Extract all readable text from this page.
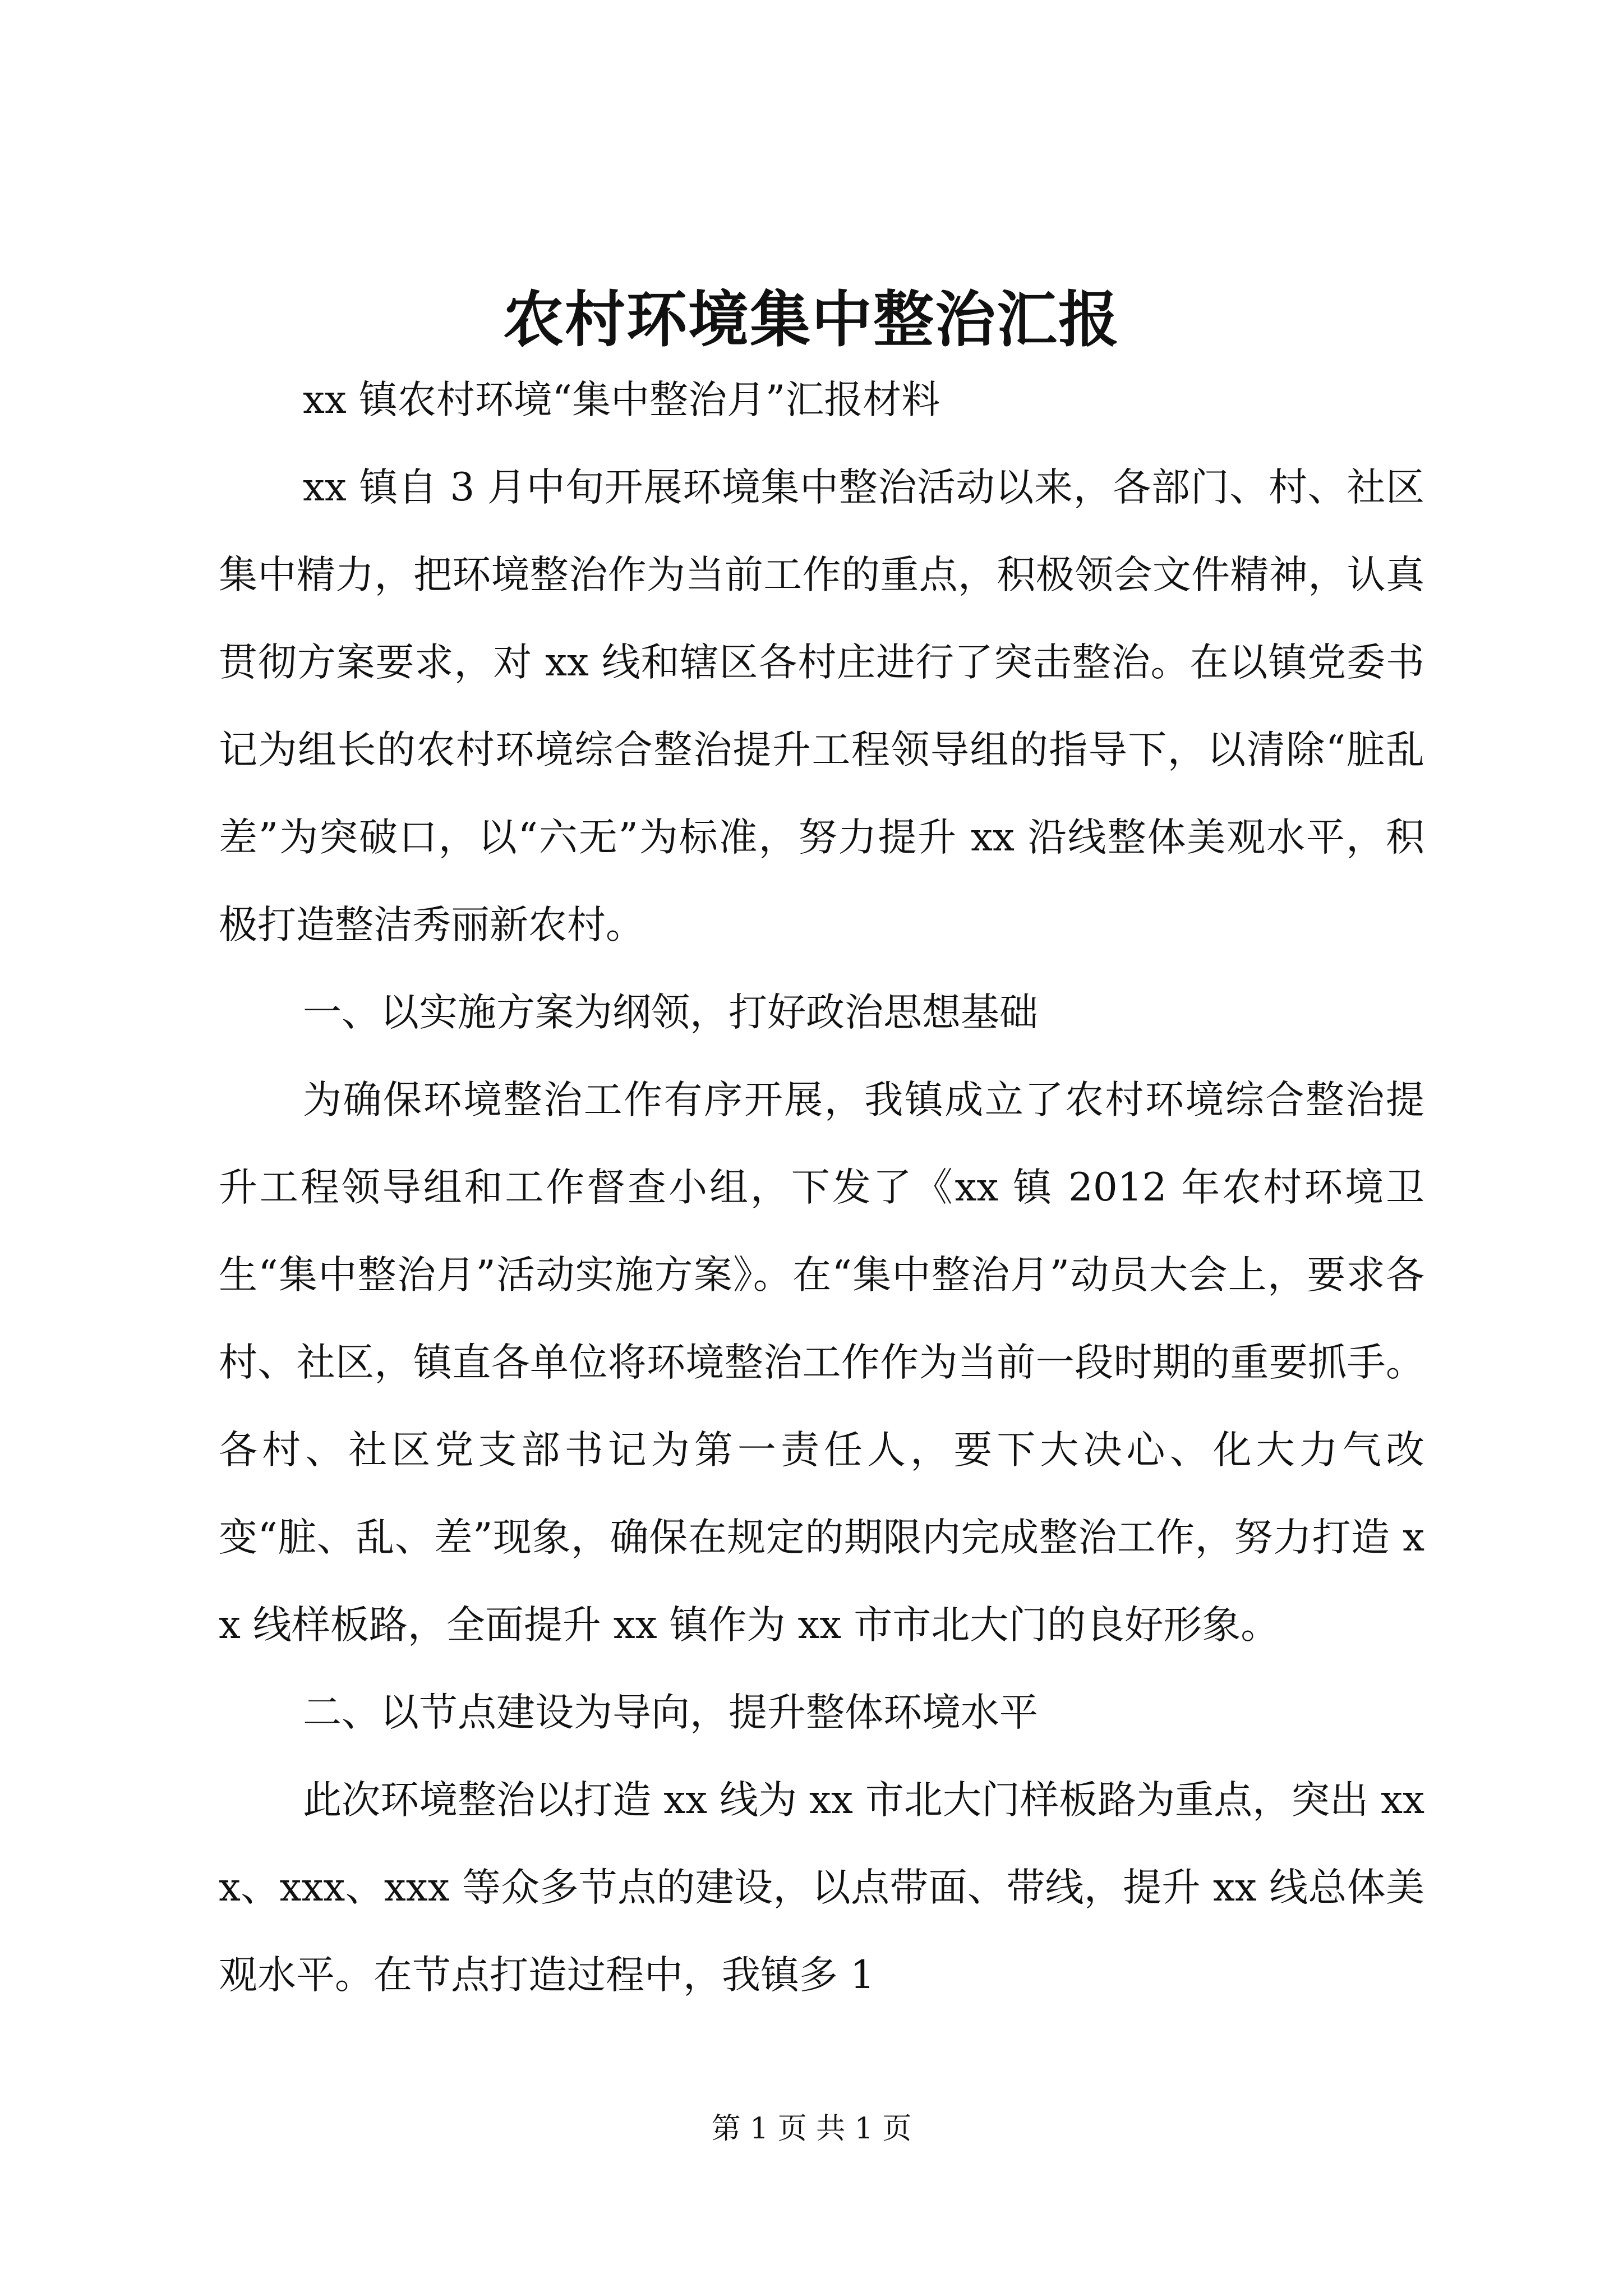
农村环境集中整治汇报

xx 镇农村环境“集中整治月”汇报材料

xx 镇自 3 月中旬开展环境集中整治活动以来，各部门、村、社区集中精力，把环境整治作为当前工作的重点，积极领会文件精神，认真贯彻方案要求，对 xx 线和辖区各村庄进行了突击整治。在以镇党委书记为组长的农村环境综合整治提升工程领导组的指导下，以清除“脏乱差”为突破口，以“六无”为标准，努力提升 xx 沿线整体美观水平，积极打造整洁秀丽新农村。

一、以实施方案为纲领，打好政治思想基础

为确保环境整治工作有序开展，我镇成立了农村环境综合整治提升工程领导组和工作督查小组，下发了《xx 镇 2012 年农村环境卫生“集中整治月”活动实施方案》。在“集中整治月”动员大会上，要求各村、社区，镇直各单位将环境整治工作作为当前一段时期的重要抓手。各村、社区党支部书记为第一责任人，要下大决心、化大力气改变“脏、乱、差”现象，确保在规定的期限内完成整治工作，努力打造 xx 线样板路，全面提升 xx 镇作为 xx 市市北大门的良好形象。

二、以节点建设为导向，提升整体环境水平

此次环境整治以打造 xx 线为 xx 市北大门样板路为重点，突出 xxx、xxx、xxx 等众多节点的建设，以点带面、带线，提升 xx 线总体美观水平。在节点打造过程中，我镇多 1

第 1 页 共 1 页
